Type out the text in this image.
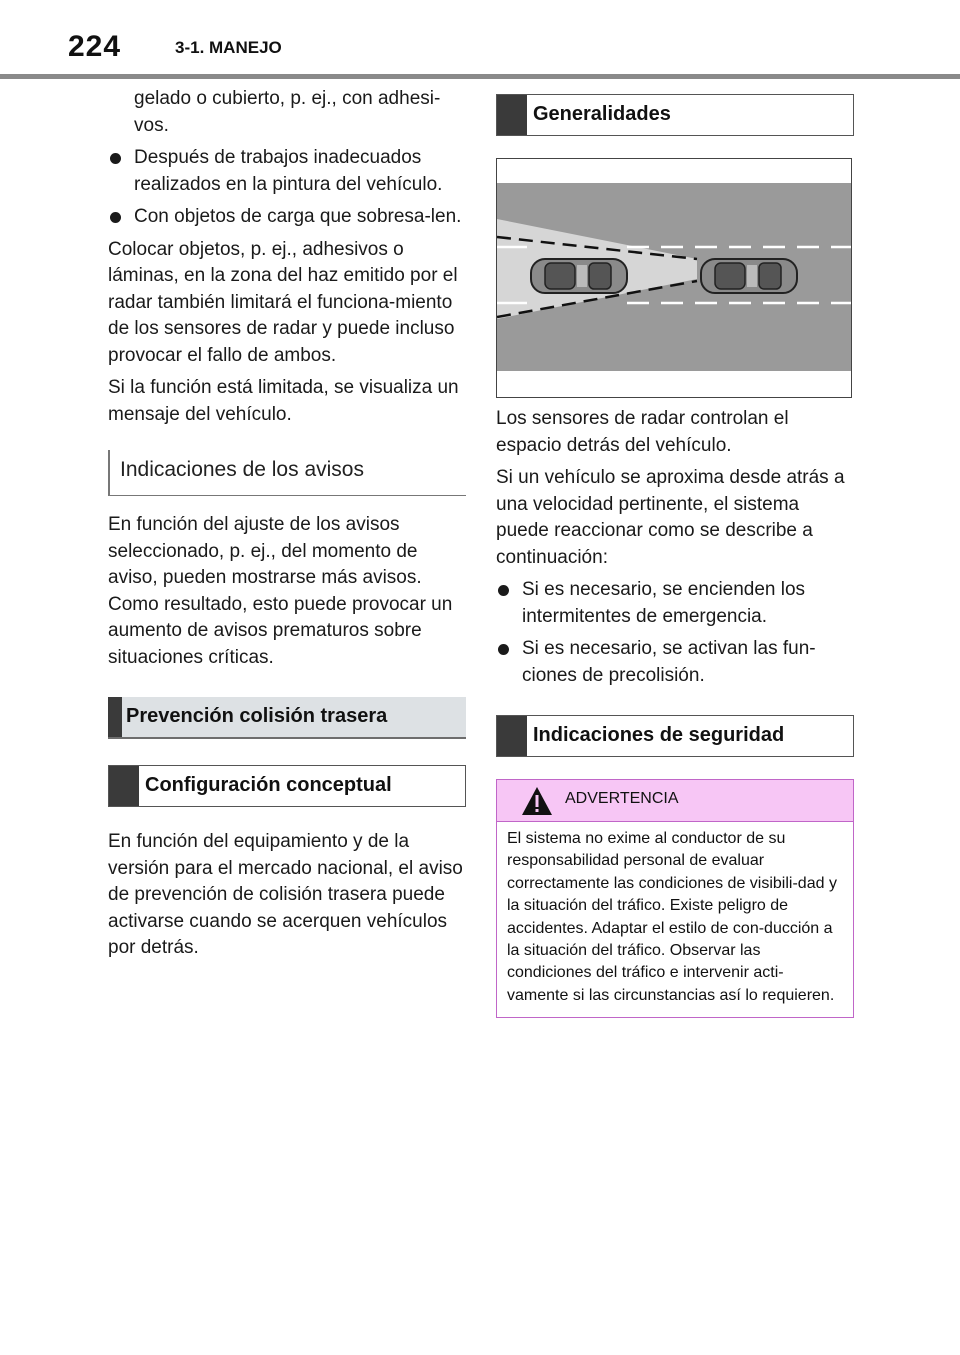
224	3-1. MANEJO
gelado o cubierto, p. ej., con adhesi-vos.
Después de trabajos inadecuados realizados en la pintura del vehículo.
Con objetos de carga que sobresa-len.
Colocar objetos, p. ej., adhesivos o láminas, en la zona del haz emitido por el radar también limitará el funciona-miento de los sensores de radar y puede incluso provocar el fallo de ambos.
Si la función está limitada, se visualiza un mensaje del vehículo.
Indicaciones de los avisos
En función del ajuste de los avisos seleccionado, p. ej., del momento de aviso, pueden mostrarse más avisos. Como resultado, esto puede provocar un aumento de avisos prematuros sobre situaciones críticas.
Prevención colisión trasera
Configuración conceptual
En función del equipamiento y de la versión para el mercado nacional, el aviso de prevención de colisión trasera puede activarse cuando se acerquen vehículos por detrás.
Generalidades
Los sensores de radar controlan el espacio detrás del vehículo.
Si un vehículo se aproxima desde atrás a una velocidad pertinente, el sistema puede reaccionar como se describe a continuación:
Si es necesario, se encienden los intermitentes de emergencia.
Si es necesario, se activan las fun-ciones de precolisión.
Indicaciones de seguridad
ADVERTENCIA
El sistema no exime al conductor de su responsabilidad personal de evaluar correctamente las condiciones de visibili-dad y la situación del tráfico. Existe peligro de accidentes. Adaptar el estilo de con-ducción a la situación del tráfico. Observar las condiciones del tráfico e intervenir acti-vamente si las circunstancias así lo requieren.
